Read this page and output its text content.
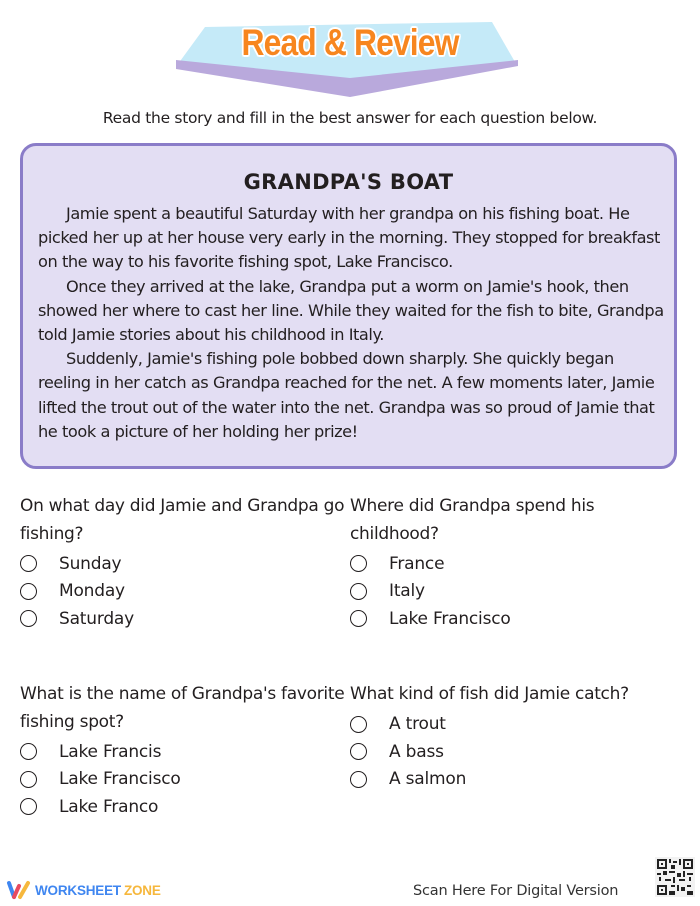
Read & Review
Read the story and fill in the best answer for each question below.
GRANDPA'S BOAT

Jamie spent a beautiful Saturday with her grandpa on his fishing boat. He picked her up at her house very early in the morning. They stopped for breakfast on the way to his favorite fishing spot, Lake Francisco.

Once they arrived at the lake, Grandpa put a worm on Jamie's hook, then showed her where to cast her line. While they waited for the fish to bite, Grandpa told Jamie stories about his childhood in Italy.

Suddenly, Jamie's fishing pole bobbed down sharply. She quickly began reeling in her catch as Grandpa reached for the net. A few moments later, Jamie lifted the trout out of the water into the net. Grandpa was so proud of Jamie that he took a picture of her holding her prize!

On what day did Jamie and Grandpa go fishing?

Sunday
Monday
Saturday

Where did Grandpa spend his childhood?

France
Italy
Lake Francisco

What is the name of Grandpa's favorite fishing spot?

Lake Francis
Lake Francisco
Lake Franco

What kind of fish did Jamie catch?

A trout
A bass
A salmon
WORKSHEET ZONE	Scan Here For Digital Version
